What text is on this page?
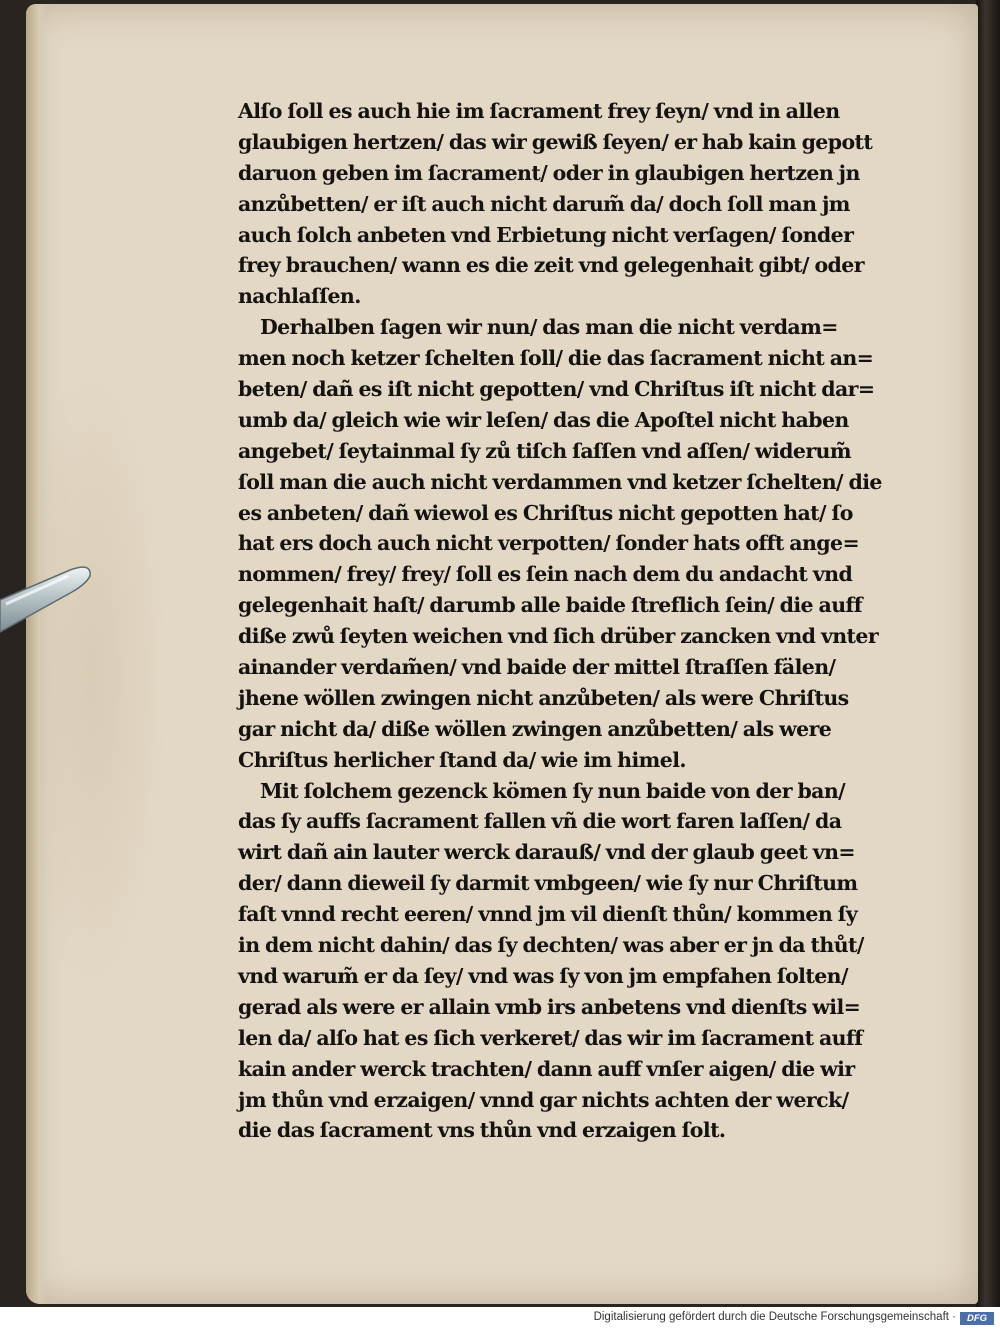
Alſo ſoll es auch hie im ſacrament frey ſeyn/ vnd in allen
glaubigen hertzen/ das wir gewiß ſeyen/ er hab kain gepott
daruon geben im ſacrament/ oder in glaubigen hertzen jn
anzůbetten/ er iſt auch nicht darum̃ da/ doch ſoll man jm
auch ſolch anbeten vnd Erbietung nicht verſagen/ ſonder
frey brauchen/ wann es die zeit vnd gelegenhait gibt/ oder
nachlaſſen.
Derhalben ſagen wir nun/ das man die nicht verdam=
men noch ketzer ſchelten ſoll/ die das ſacrament nicht an=
beten/ dañ es iſt nicht gepotten/ vnd Chriſtus iſt nicht dar=
umb da/ gleich wie wir leſen/ das die Apoſtel nicht haben
angebet/ ſeytainmal ſy zů tiſch ſaſſen vnd aſſen/ widerum̃
ſoll man die auch nicht verdammen vnd ketzer ſchelten/ die
es anbeten/ dañ wiewol es Chriſtus nicht gepotten hat/ ſo
hat ers doch auch nicht verpotten/ ſonder hats offt ange=
nommen/ frey/ frey/ ſoll es ſein nach dem du andacht vnd
gelegenhait haſt/ darumb alle baide ſtreflich ſein/ die auff
diße zwů ſeyten weichen vnd ſich drüber zancken vnd vnter
ainander verdam̃en/ vnd baide der mittel ſtraſſen fälen/
jhene wöllen zwingen nicht anzůbeten/ als were Chriſtus
gar nicht da/ diße wöllen zwingen anzůbetten/ als were
Chriſtus herlicher ſtand da/ wie im himel.
Mit ſolchem gezenck kömen ſy nun baide von der ban/
das ſy auffs ſacrament fallen vñ die wort faren laſſen/ da
wirt dañ ain lauter werck darauß/ vnd der glaub geet vn=
der/ dann dieweil ſy darmit vmbgeen/ wie ſy nur Chriſtum
faſt vnnd recht eeren/ vnnd jm vil dienſt thůn/ kommen ſy
in dem nicht dahin/ das ſy dechten/ was aber er jn da thůt/
vnd warum̃ er da ſey/ vnd was ſy von jm empfahen ſolten/
gerad als were er allain vmb irs anbetens vnd dienſts wil=
len da/ alſo hat es ſich verkeret/ das wir im ſacrament auff
kain ander werck trachten/ dann auff vnſer aigen/ die wir
jm thůn vnd erzaigen/ vnnd gar nichts achten der werck/
die das ſacrament vns thůn vnd erzaigen ſolt.
Digitalisierung gefördert durch die Deutsche Forschungsgemeinschaft ·	DFG
